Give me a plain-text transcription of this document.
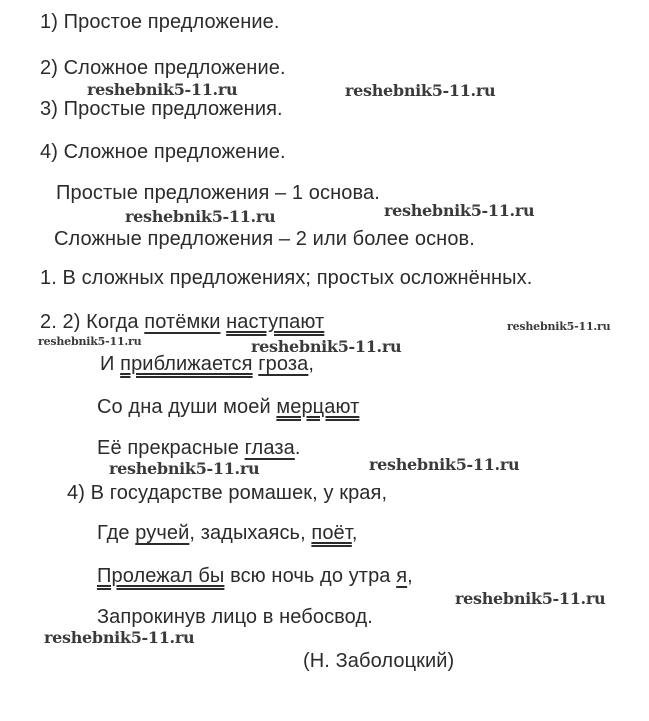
1) Простое предложение.
2) Сложное предложение.
3) Простые предложения.
4) Сложное предложение.
Простые предложения – 1 основа.
Сложные предложения – 2 или более основ.
1. В сложных предложениях; простых осложнённых.
2. 2) Когда потёмки наступают
И приближается гроза,
Со дна души моей мерцают
Её прекрасные глаза.
4) В государстве ромашек, у края,
Где ручей, задыхаясь, поёт,
Пролежал бы всю ночь до утра я,
Запрокинув лицо в небосвод.
(Н. Заболоцкий)
reshebnik5-11.ru	reshebnik5-11.ru
reshebnik5-11.ru	reshebnik5-11.ru
reshebnik5-11.ru
reshebnik5-11.ru	reshebnik5-11.ru
reshebnik5-11.ru	reshebnik5-11.ru
reshebnik5-11.ru
reshebnik5-11.ru
